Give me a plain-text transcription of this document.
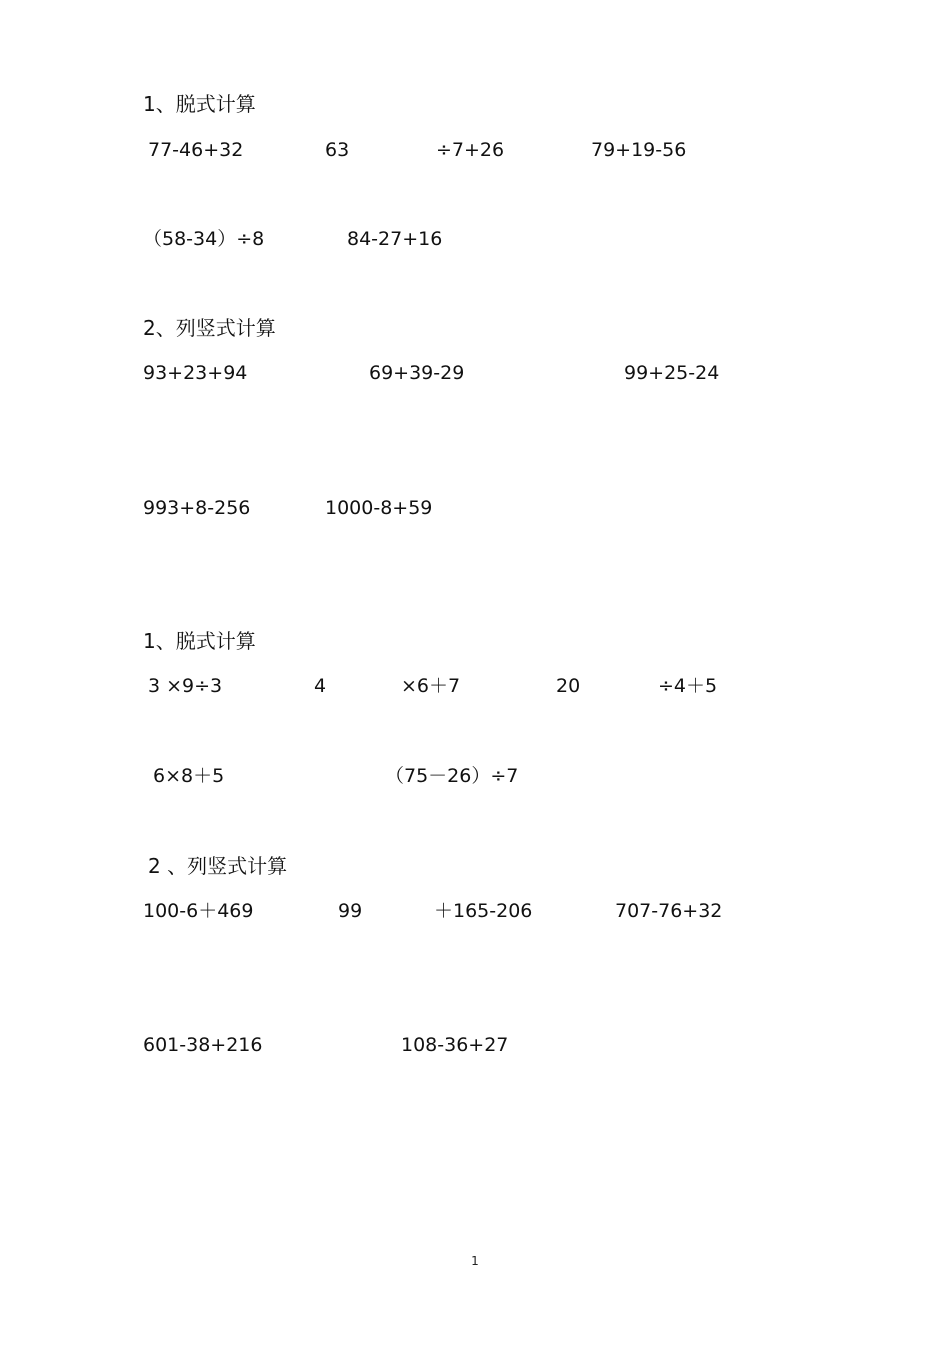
1、脱式计算
77-46+32	63	÷7+26	79+19-56
（58-34）÷8	84-27+16
2、列竖式计算
93+23+94	69+39-29	99+25-24
993+8-256	1000-8+59
1、脱式计算
3 ×9÷3	4	×6＋7	20	÷4＋5
6×8＋5	（75－26）÷7
2 、列竖式计算
100-6＋469	99	＋165-206	707-76+32
601-38+216	108-36+27
1
